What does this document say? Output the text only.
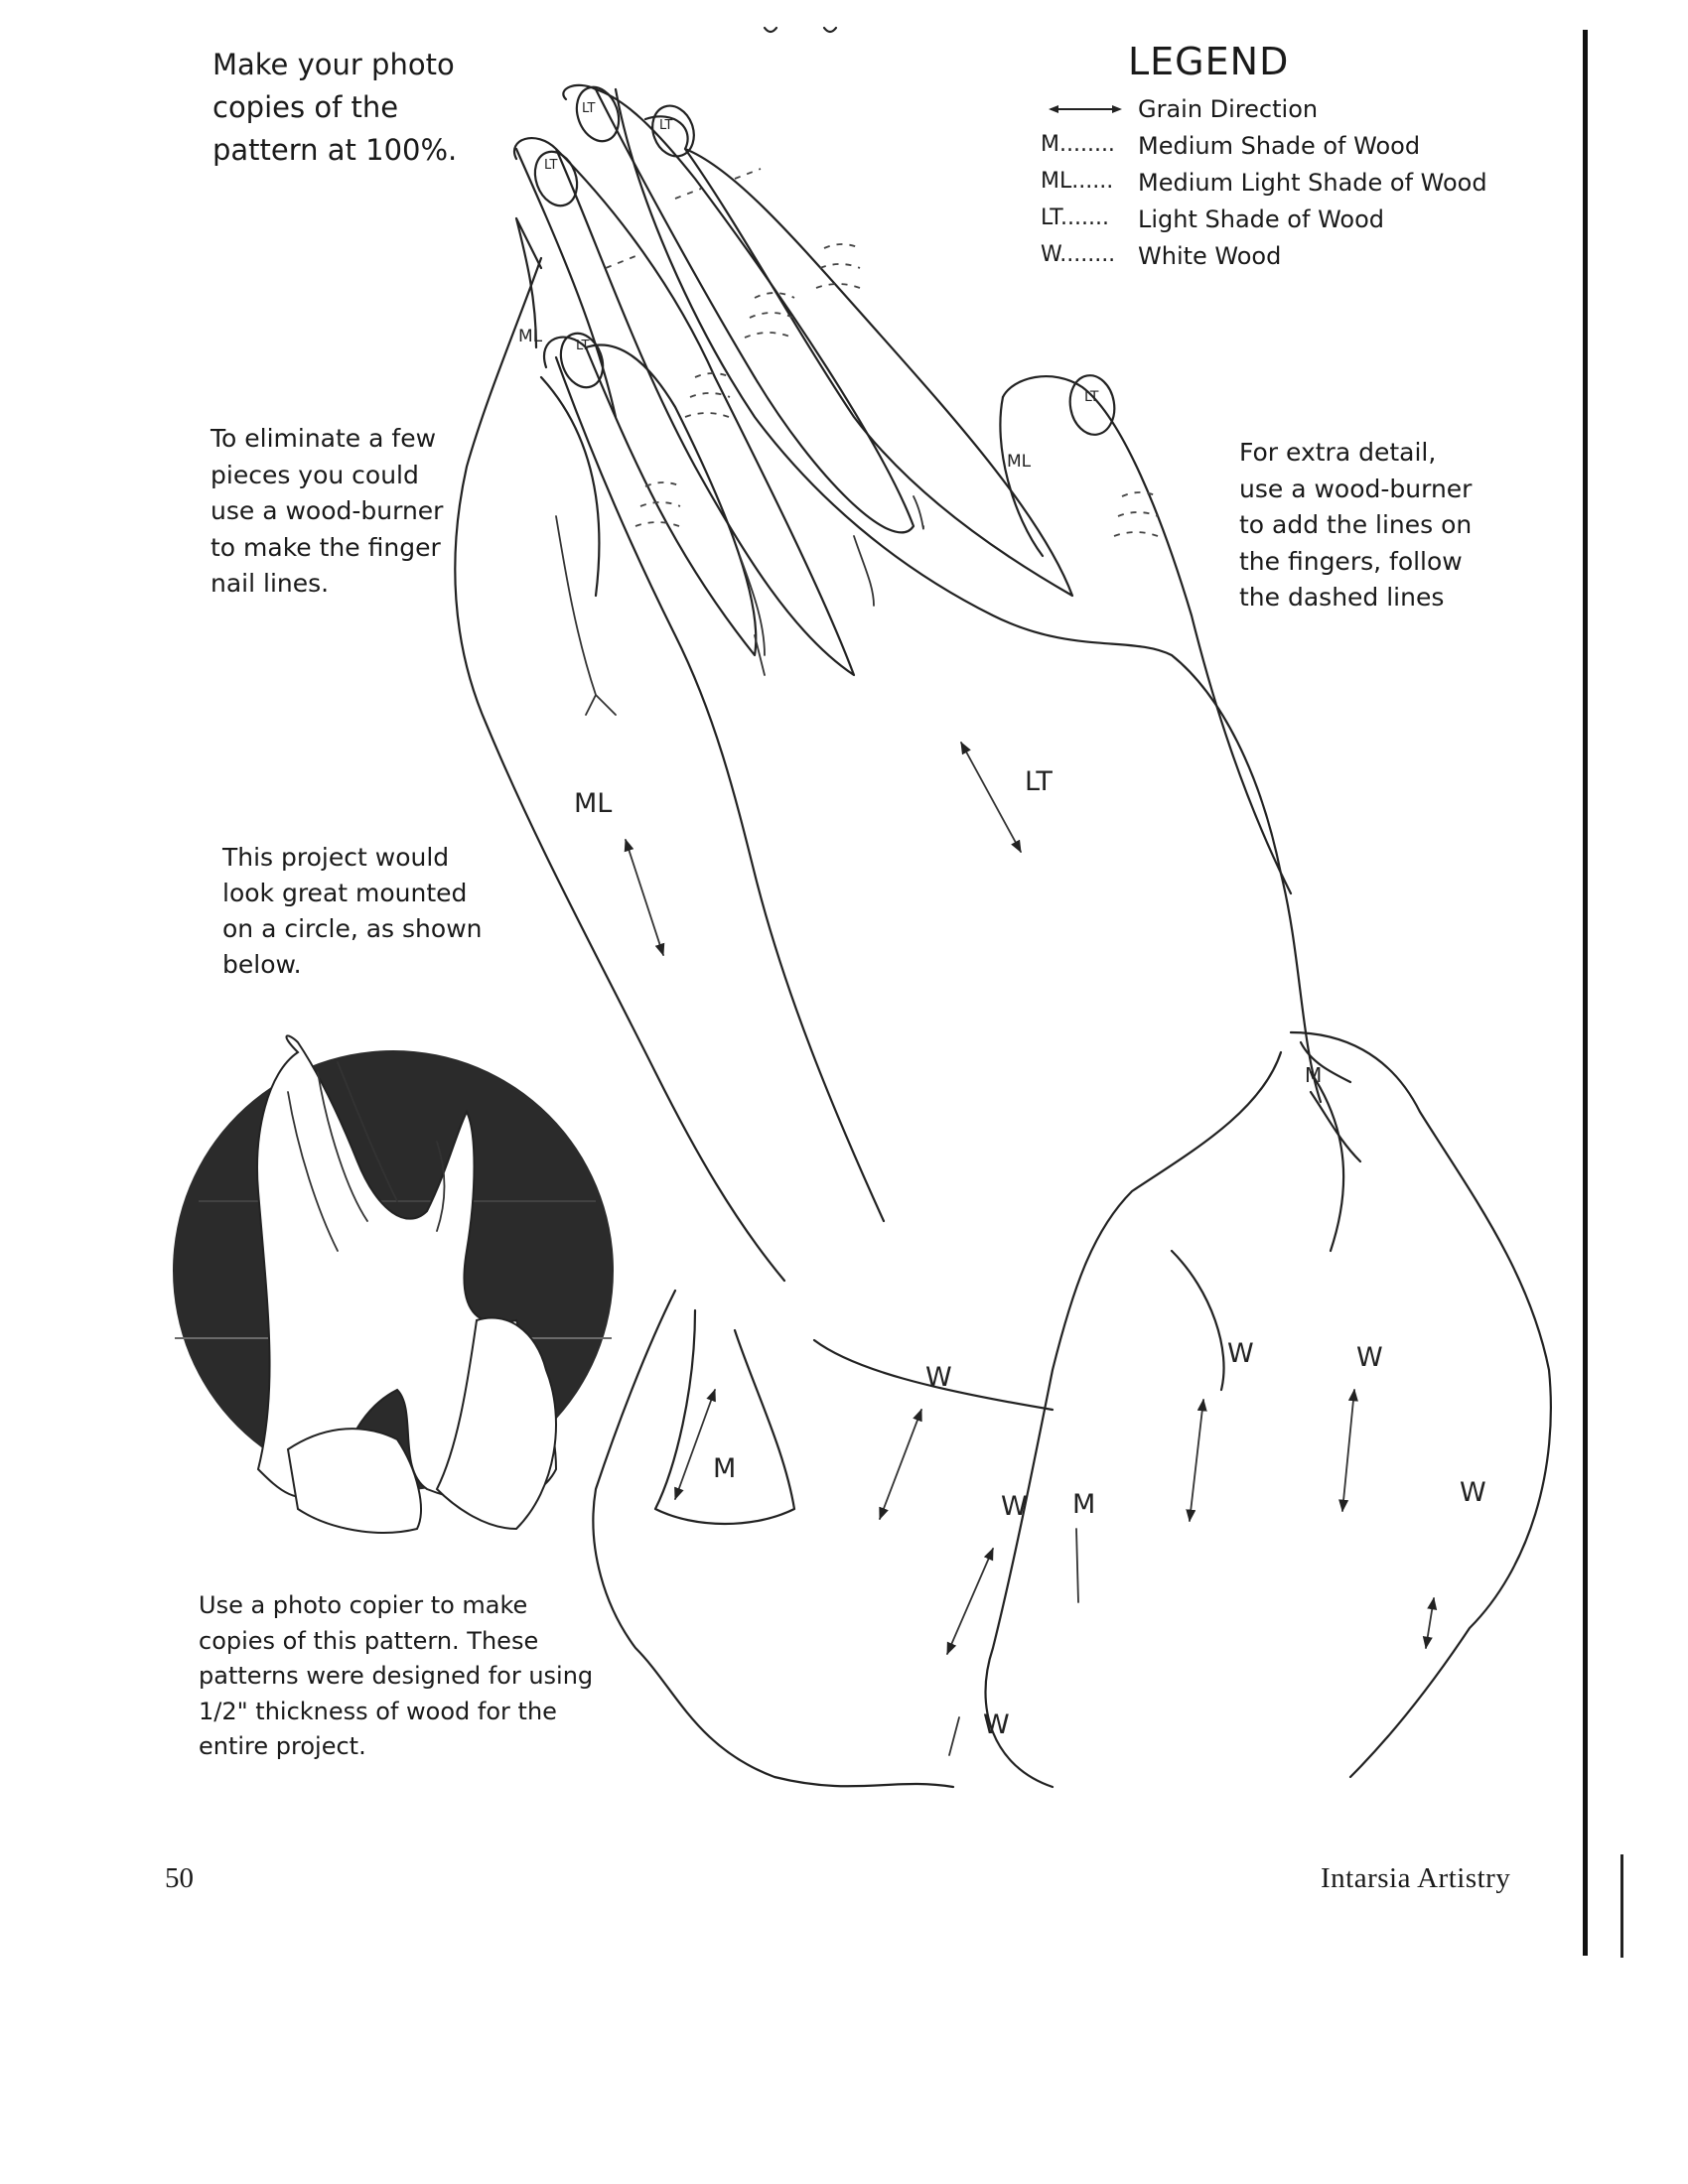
Make your photo
copies of the
pattern at 100%.
To eliminate a few
pieces you could
use a wood-burner
to make the finger
nail lines.
This project would
look great mounted
on a circle, as shown
below.
Use a photo copier to make
copies of this pattern. These
patterns were designed for using
1/2" thickness of wood for the
entire project.
For extra detail,
use a wood-burner
to add the lines on
the fingers, follow
the dashed lines
LEGEND
Grain Direction
M........ Medium Shade of Wood
ML...... Medium Light Shade of Wood
LT....... Light Shade of Wood
W........ White Wood
LT
LT
LT
LT
LT
ML
ML
ML
LT
M
W
W	W
W	W
W
M
M
50	Intarsia Artistry
